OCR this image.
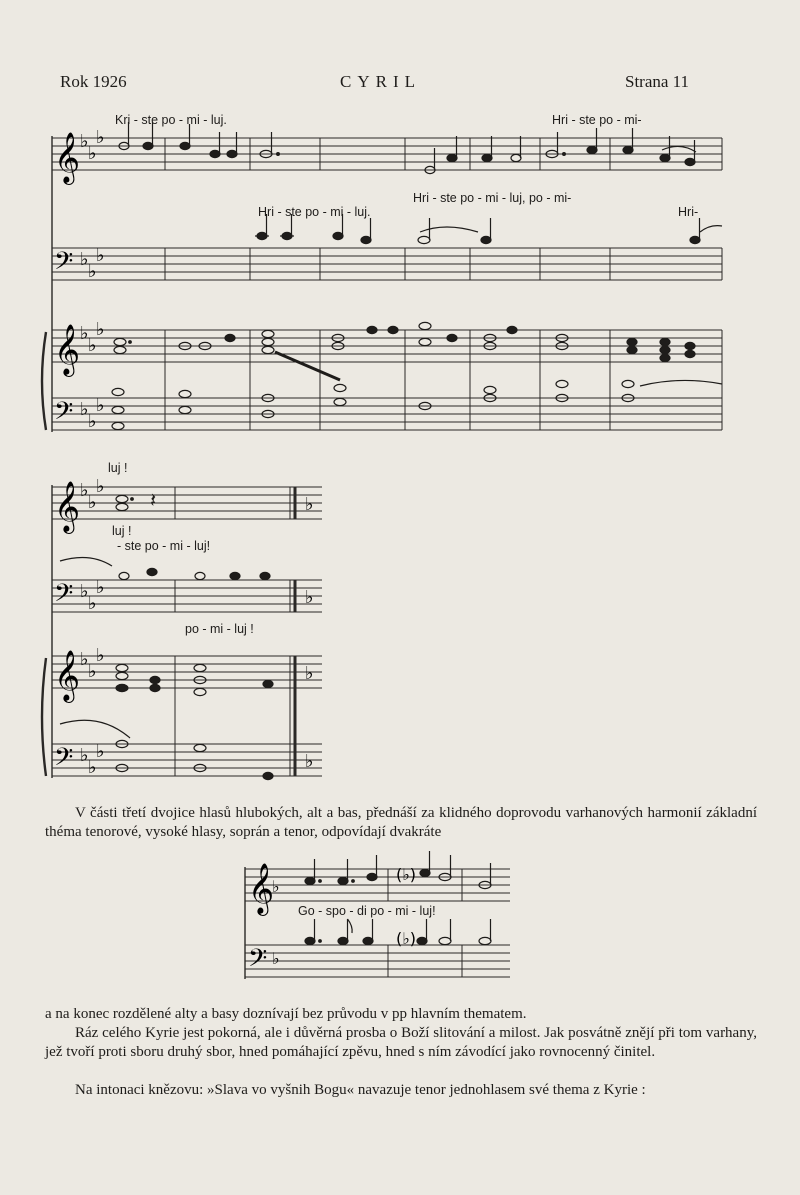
Rok 1926	CYRIL	Strana 11
𝄞
𝄢
𝄞
𝄢
♭
♭
♭
♭
♭
♭
♭
♭
♭
♭
♭
♭
𝄞
𝄢
𝄞
𝄢
♭
♭
♭
♭
♭
♭
♭
♭
♭
♭
♭
♭
♭
♭
♭
♭
𝄽
𝄞
𝄢
♭
♭
(♭)
(♭)
Kri - ste po - mi - luj.	Hri - ste po - mi-
Hri - ste po - mi - luj, po - mi-
Hri - ste po - mi - luj.	Hri-
luj !
luj !
- ste po - mi - luj!
po - mi - luj !
Go - spo - di po - mi - luj!
V části třetí dvojice hlasů hlubokých, alt a bas, přednáší za klidného doprovodu varhanových harmonií základní théma tenorové, vysoké hlasy, soprán a tenor, odpovídají dvakráte
a na konec rozdělené alty a basy doznívají bez průvodu v pp hlavním thematem.
Ráz celého Kyrie jest pokorná, ale i důvěrná prosba o Boží slitování a milost. Jak posvátně znějí při tom varhany, jež tvoří proti sboru druhý sbor, hned pomáhající zpěvu, hned s ním závodící jako rovnocenný činitel.
Na intonaci knězovu: »Slava vo vyšnih Bogu« navazuje tenor jednohlasem své thema z Kyrie :
